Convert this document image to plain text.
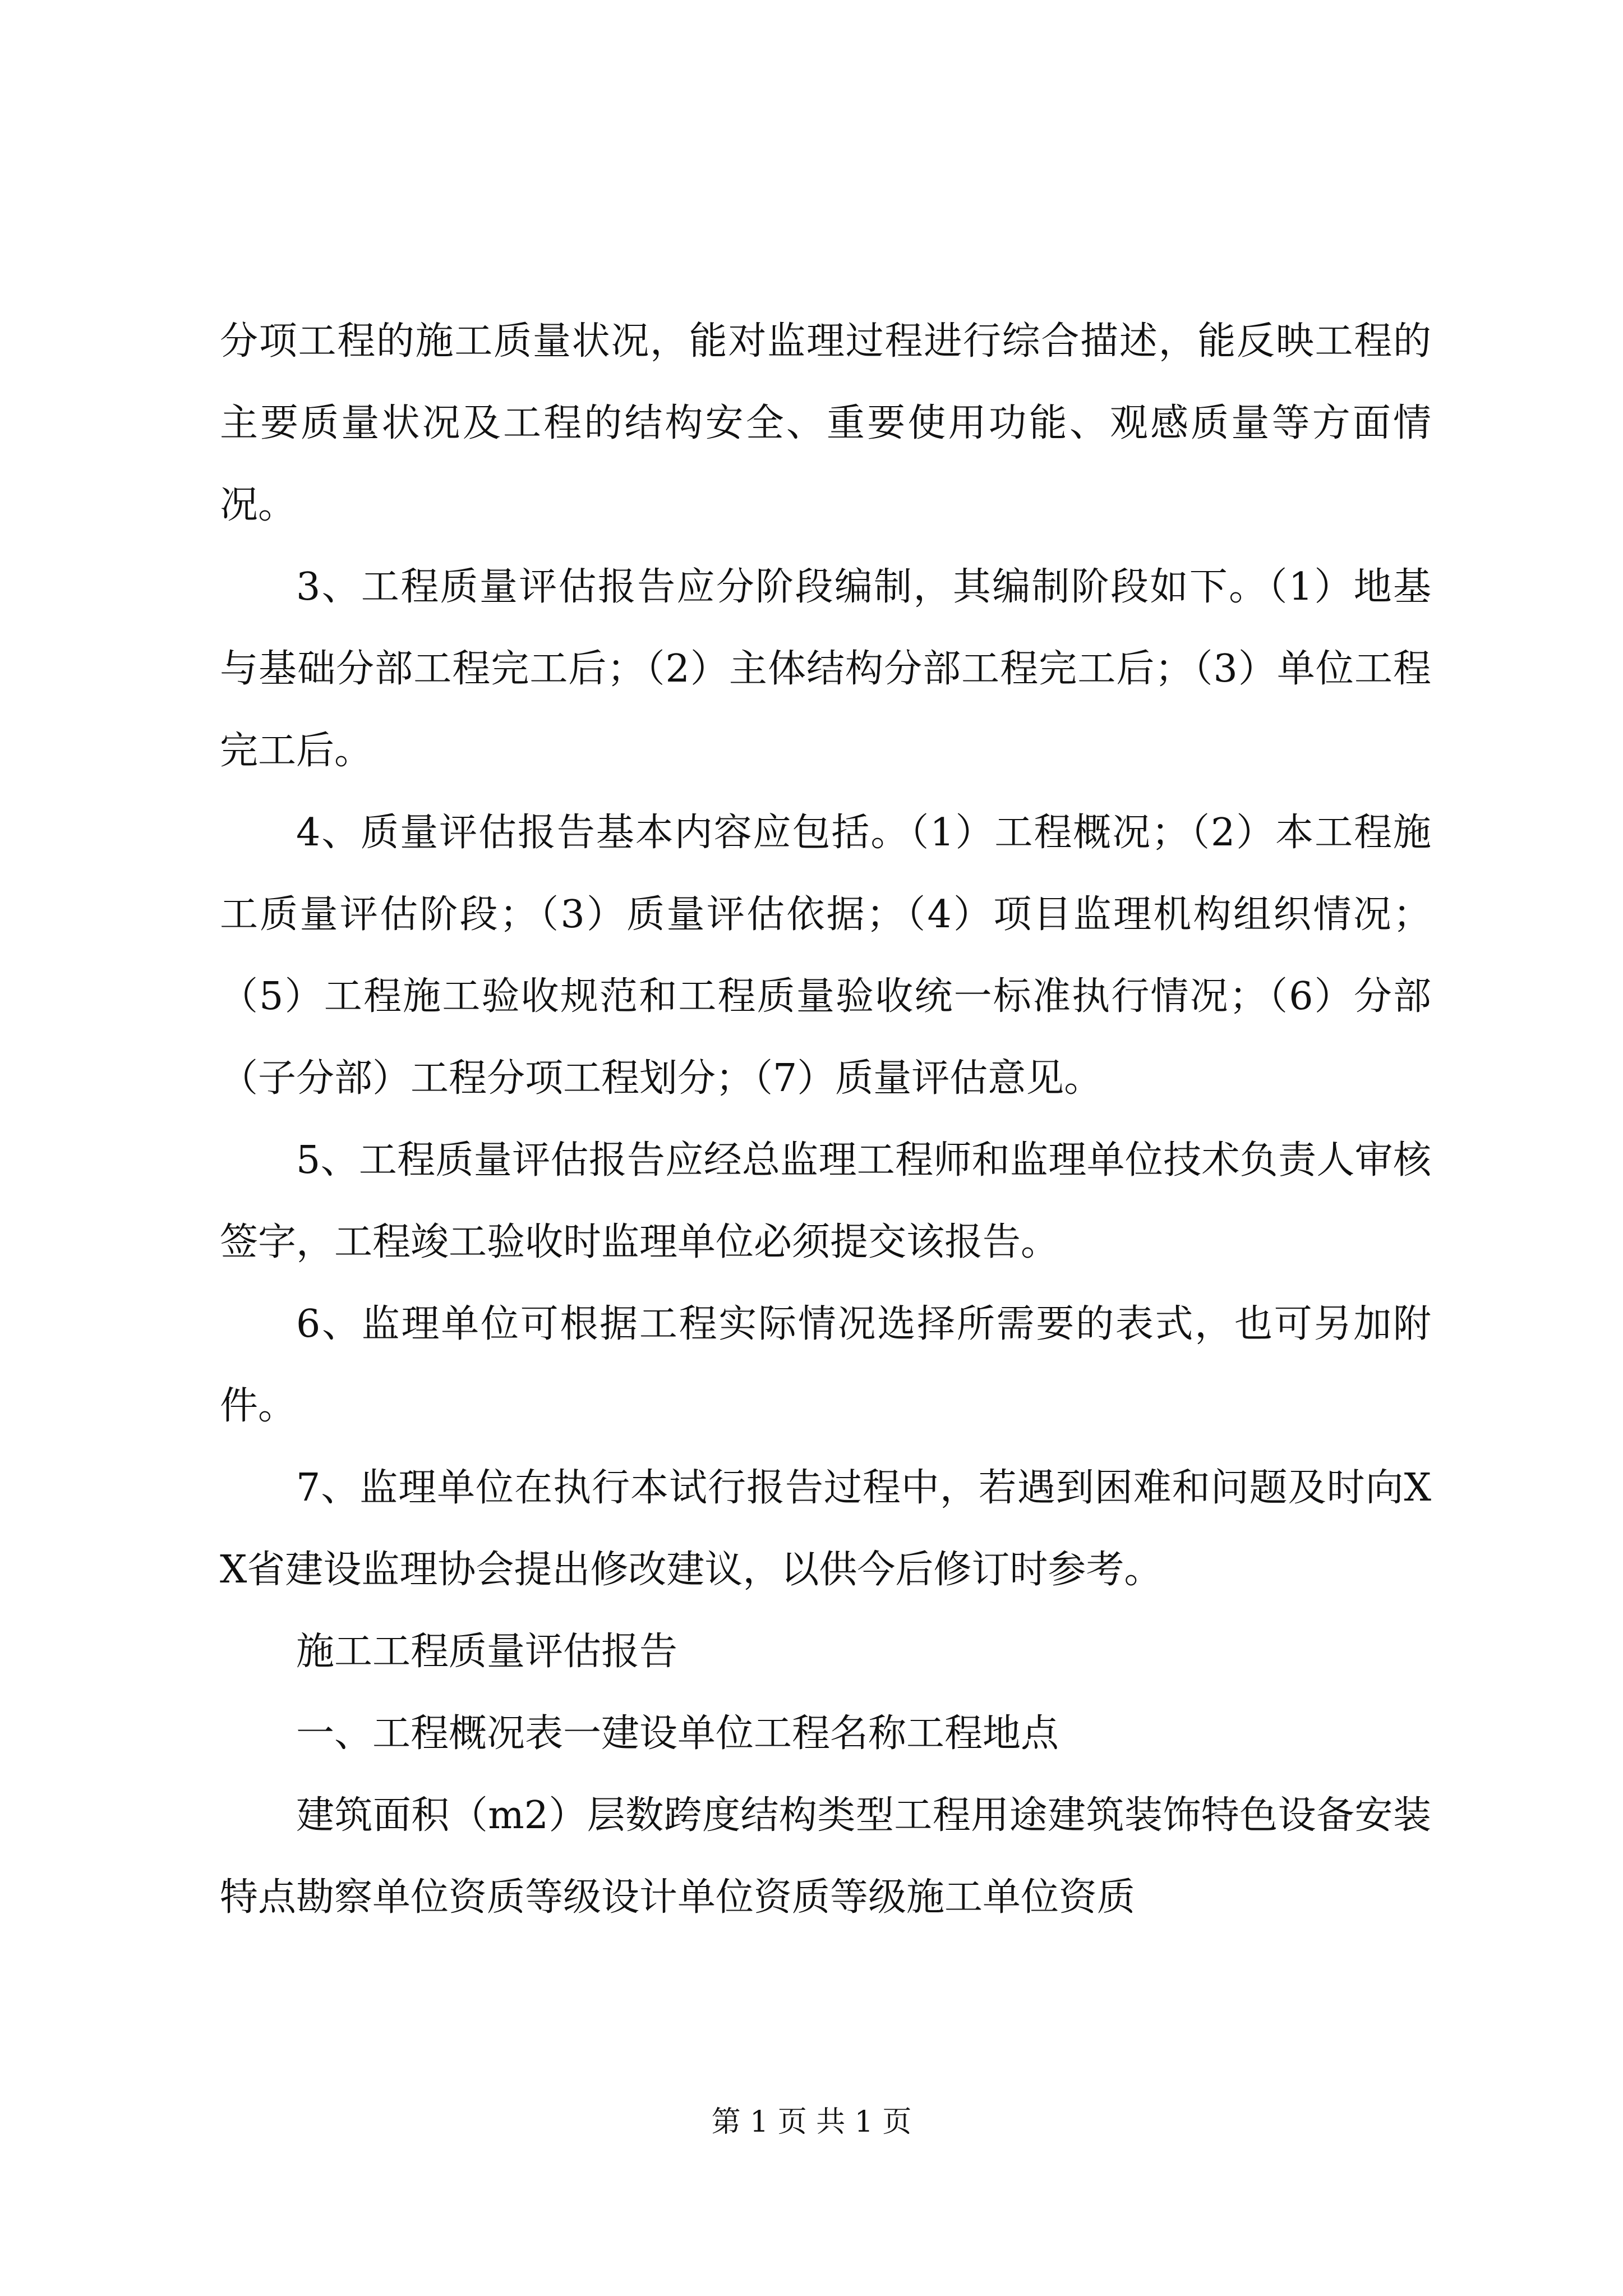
分项工程的施工质量状况，能对监理过程进行综合描述，能反映工程的主要质量状况及工程的结构安全、重要使用功能、观感质量等方面情况。

3、工程质量评估报告应分阶段编制，其编制阶段如下。（1）地基与基础分部工程完工后；（2）主体结构分部工程完工后；（3）单位工程完工后。

4、质量评估报告基本内容应包括。（1）工程概况；（2）本工程施工质量评估阶段；（3）质量评估依据；（4）项目监理机构组织情况；（5）工程施工验收规范和工程质量验收统一标准执行情况；（6）分部（子分部）工程分项工程划分；（7）质量评估意见。

5、工程质量评估报告应经总监理工程师和监理单位技术负责人审核签字，工程竣工验收时监理单位必须提交该报告。

6、监理单位可根据工程实际情况选择所需要的表式，也可另加附件。

7、监理单位在执行本试行报告过程中，若遇到困难和问题及时向XX省建设监理协会提出修改建议，以供今后修订时参考。

施工工程质量评估报告

一、工程概况表一建设单位工程名称工程地点

建筑面积（m2）层数跨度结构类型工程用途建筑装饰特色设备安装特点勘察单位资质等级设计单位资质等级施工单位资质

第 1 页 共 1 页
